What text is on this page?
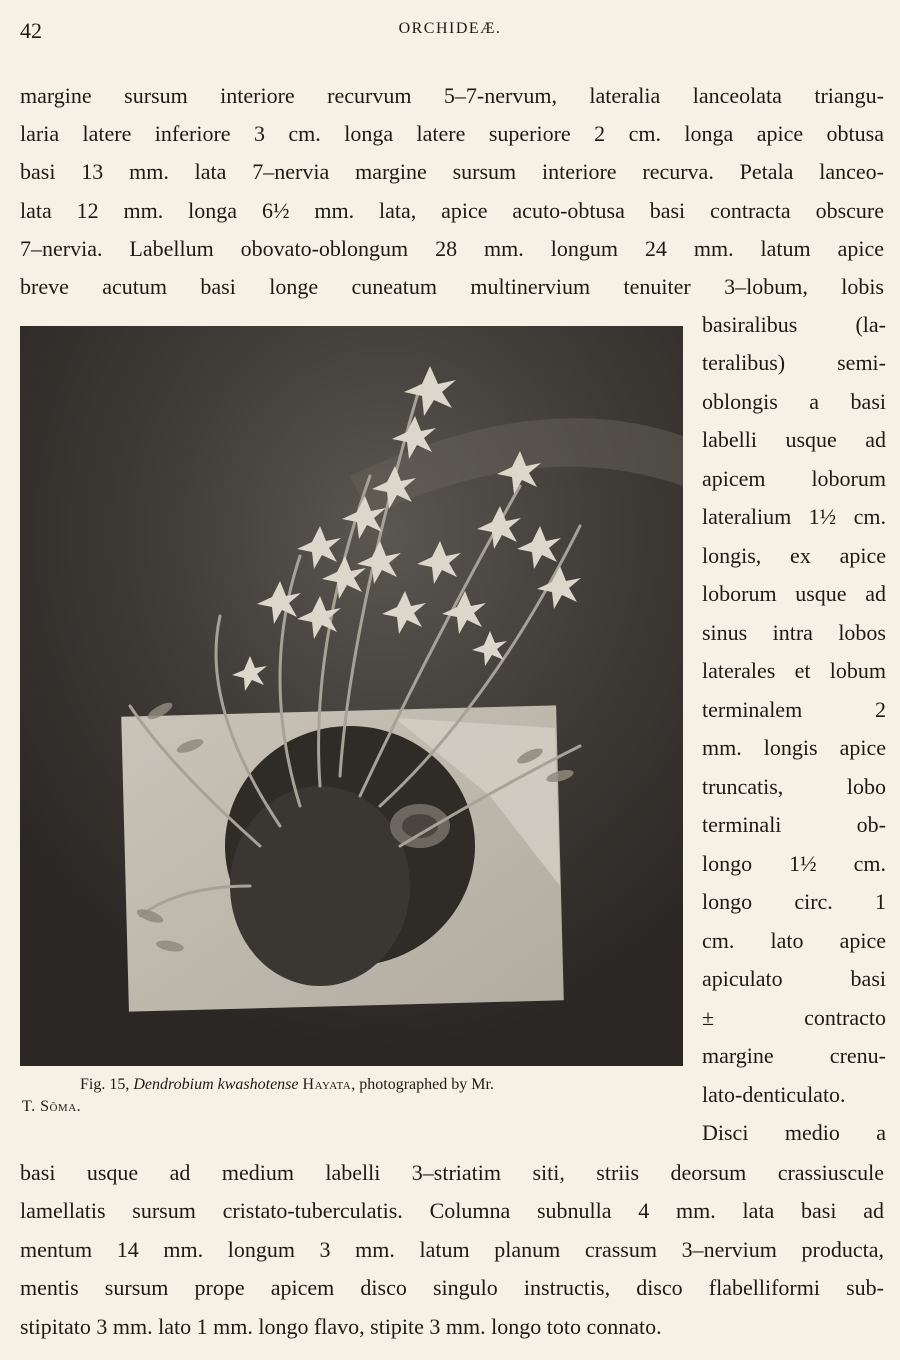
42	ORCHIDEÆ.
margine sursum interiore recurvum 5–7-nervum, lateralia lanceolata triangu-
laria latere inferiore 3 cm. longa latere superiore 2 cm. longa apice obtusa
basi 13 mm. lata 7–nervia margine sursum interiore recurva. Petala lanceo-
lata 12 mm. longa 6½ mm. lata, apice acuto-obtusa basi contracta obscure
7–nervia. Labellum obovato-oblongum 28 mm. longum 24 mm. latum apice
breve acutum basi longe cuneatum multinervium tenuiter 3–lobum, lobis
basiralibus (la-
teralibus) semi-
oblongis a basi
labelli usque ad
apicem loborum
lateralium 1½ cm.
longis, ex apice
loborum usque ad
sinus intra lobos
laterales et lobum
terminalem 2
mm. longis apice
truncatis, lobo
terminali ob-
longo 1½ cm.
longo circ. 1
cm. lato apice
apiculato basi
± contracto
margine crenu-
lato-denticulato.
Disci medio a
Fig. 15, Dendrobium kwashotense Hayata, photographed by Mr.
T. Sōma.
basi usque ad medium labelli 3–striatim siti, striis deorsum crassiuscule
lamellatis sursum cristato-tuberculatis. Columna subnulla 4 mm. lata basi ad
mentum 14 mm. longum 3 mm. latum planum crassum 3–nervium producta,
mentis sursum prope apicem disco singulo instructis, disco flabelliformi sub-
stipitato 3 mm. lato 1 mm. longo flavo, stipite 3 mm. longo toto connato.
